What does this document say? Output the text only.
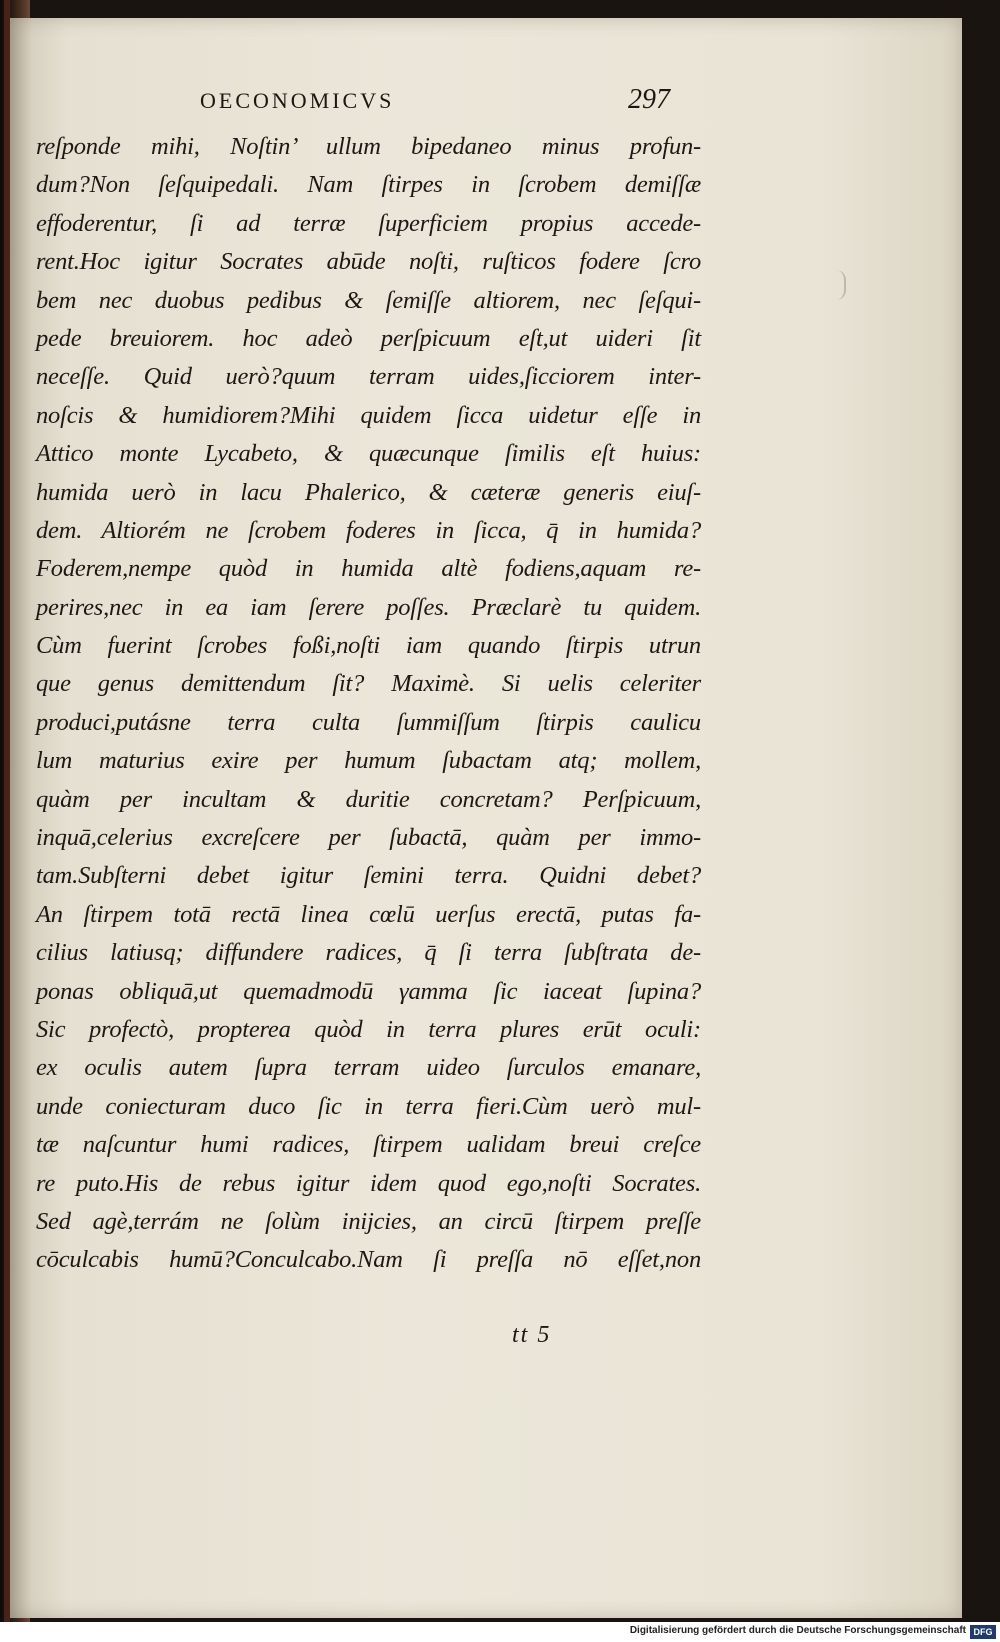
OECONOMICVS	297
reſponde mihi, Noſtin’ ullum bipedaneo minus profun-
dum?Non ſeſquipedali. Nam ſtirpes in ſcrobem demiſſæ
effoderentur, ſi ad terræ ſuperficiem propius accede-
rent.Hoc igitur Socrates abūde noſti, ruſticos fodere ſcro
bem nec duobus pedibus & ſemiſſe altiorem, nec ſeſqui-
pede breuiorem. hoc adeò perſpicuum eſt,ut uideri ſit
neceſſe. Quid uerò?quum terram uides,ſicciorem inter-
noſcis & humidiorem?Mihi quidem ſicca uidetur eſſe in
Attico monte Lycabeto, & quæcunque ſimilis eſt huius:
humida uerò in lacu Phalerico, & cæteræ generis eiuſ-
dem. Altiorém ne ſcrobem foderes in ſicca, q̄ in humida?
Foderem,nempe quòd in humida altè fodiens,aquam re-
perires,nec in ea iam ſerere poſſes. Præclarè tu quidem.
Cùm fuerint ſcrobes foßi,noſti iam quando ſtirpis utrun
que genus demittendum ſit? Maximè. Si uelis celeriter
produci,putásne terra culta ſummiſſum ſtirpis caulicu
lum maturius exire per humum ſubactam atq; mollem,
quàm per incultam & duritie concretam? Perſpicuum,
inquā,celerius excreſcere per ſubactā, quàm per immo-
tam.Subſterni debet igitur ſemini terra. Quidni debet?
An ſtirpem totā rectā linea cœlū uerſus erectā, putas fa-
cilius latiusq; diffundere radices, q̄ ſi terra ſubſtrata de-
ponas obliquā,ut quemadmodū γamma ſic iaceat ſupina?
Sic profectò, propterea quòd in terra plures erūt oculi:
ex oculis autem ſupra terram uideo ſurculos emanare,
unde coniecturam duco ſic in terra fieri.Cùm uerò mul-
tæ naſcuntur humi radices, ſtirpem ualidam breui creſce
re puto.His de rebus igitur idem quod ego,noſti Socrates.
Sed agè,terrám ne ſolùm inijcies, an circū ſtirpem preſſe
cōculcabis humū?Conculcabo.Nam ſi preſſa nō eſſet,non
tt 5
Digitalisierung gefördert durch die Deutsche Forschungsgemeinschaft DFG
